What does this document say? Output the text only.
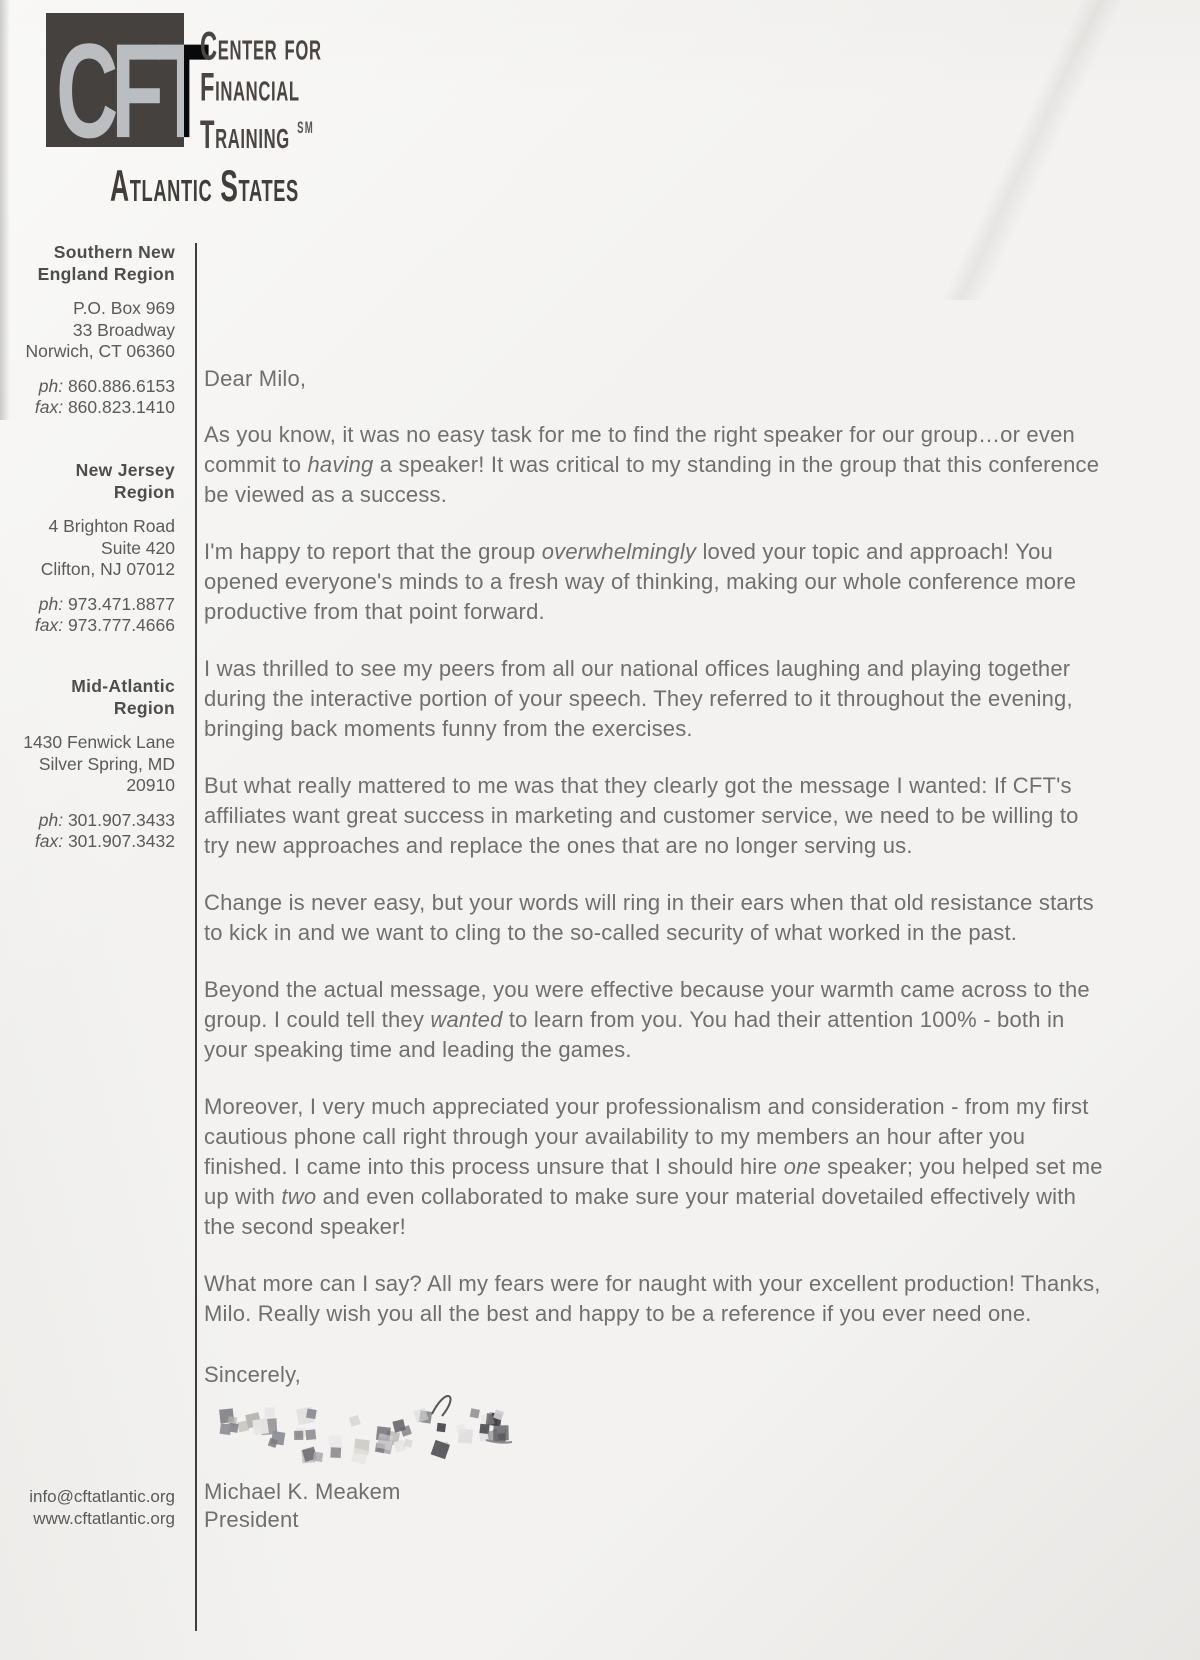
CFT
Center for
Financial
Training ℠
Atlantic States
Southern New England Region
P.O. Box 969
33 Broadway
Norwich, CT 06360
ph: 860.886.6153
fax: 860.823.1410
New Jersey Region
4 Brighton Road
Suite 420
Clifton, NJ 07012
ph: 973.471.8877
fax: 973.777.4666
Mid-Atlantic Region
1430 Fenwick Lane
Silver Spring, MD
20910
ph: 301.907.3433
fax: 301.907.3432
info@cftatlantic.org
www.cftatlantic.org
Dear Milo,

As you know, it was no easy task for me to find the right speaker for our group…or even commit to having a speaker! It was critical to my standing in the group that this conference be viewed as a success.

I'm happy to report that the group overwhelmingly loved your topic and approach! You opened everyone's minds to a fresh way of thinking, making our whole conference more productive from that point forward.

I was thrilled to see my peers from all our national offices laughing and playing together during the interactive portion of your speech. They referred to it throughout the evening, bringing back moments funny from the exercises.

But what really mattered to me was that they clearly got the message I wanted: If CFT's affiliates want great success in marketing and customer service, we need to be willing to try new approaches and replace the ones that are no longer serving us.

Change is never easy, but your words will ring in their ears when that old resistance starts to kick in and we want to cling to the so-called security of what worked in the past.

Beyond the actual message, you were effective because your warmth came across to the group. I could tell they wanted to learn from you. You had their attention 100% - both in your speaking time and leading the games.

Moreover, I very much appreciated your professionalism and consideration - from my first cautious phone call right through your availability to my members an hour after you finished. I came into this process unsure that I should hire one speaker; you helped set me up with two and even collaborated to make sure your material dovetailed effectively with the second speaker!

What more can I say? All my fears were for naught with your excellent production! Thanks, Milo. Really wish you all the best and happy to be a reference if you ever need one.

Sincerely,
Michael K. Meakem
President
